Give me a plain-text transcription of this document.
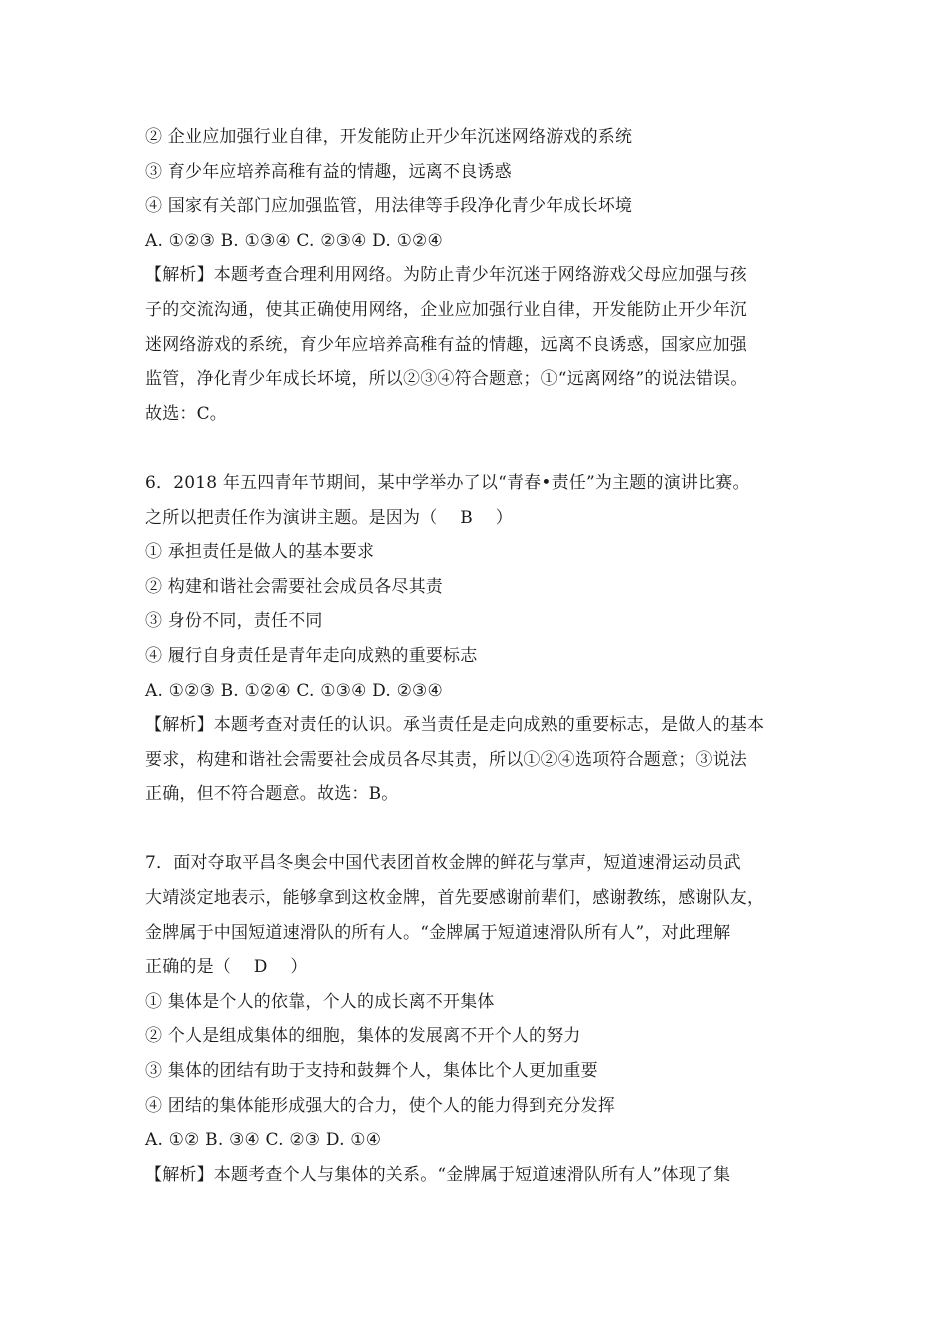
② 企业应加强行业自律，开发能防止开少年沉迷网络游戏的系统
③ 育少年应培养高稚有益的情趣，远离不良诱惑
④ 国家有关部门应加强监管，用法律等手段净化青少年成长坏境
A. ①②③ B. ①③④ C. ②③④ D. ①②④
【解析】本题考查合理利用网络。为防止青少年沉迷于网络游戏父母应加强与孩
子的交流沟通，使其正确使用网络，企业应加强行业自律，开发能防止开少年沉
迷网络游戏的系统，育少年应培养高稚有益的情趣，远离不良诱惑，国家应加强
监管，净化青少年成长坏境，所以②③④符合题意；①“远离网络”的说法错误。
故选：C。
6．2018 年五四青年节期间，某中学举办了以“青春•责任”为主题的演讲比赛。
之所以把责任作为演讲主题。是因为（　 B　 ）
① 承担责任是做人的基本要求
② 构建和谐社会需要社会成员各尽其责
③ 身份不同，责任不同
④ 履行自身责任是青年走向成熟的重要标志
A. ①②③ B. ①②④ C. ①③④ D. ②③④
【解析】本题考查对责任的认识。承当责任是走向成熟的重要标志，是做人的基本
要求，构建和谐社会需要社会成员各尽其责，所以①②④选项符合题意；③说法
正确，但不符合题意。故选：B。
7．面对夺取平昌冬奥会中国代表团首枚金牌的鲜花与掌声，短道速滑运动员武
大靖淡定地表示，能够拿到这枚金牌，首先要感谢前辈们，感谢教练，感谢队友，
金牌属于中国短道速滑队的所有人。“金牌属于短道速滑队所有人”，对此理解
正确的是（　 D　 ）
① 集体是个人的依靠，个人的成长离不开集体
② 个人是组成集体的细胞，集体的发展离不开个人的努力
③ 集体的团结有助于支持和鼓舞个人，集体比个人更加重要
④ 团结的集体能形成强大的合力，使个人的能力得到充分发挥
A. ①② B. ③④ C. ②③ D. ①④
【解析】本题考查个人与集体的关系。“金牌属于短道速滑队所有人”体现了集
